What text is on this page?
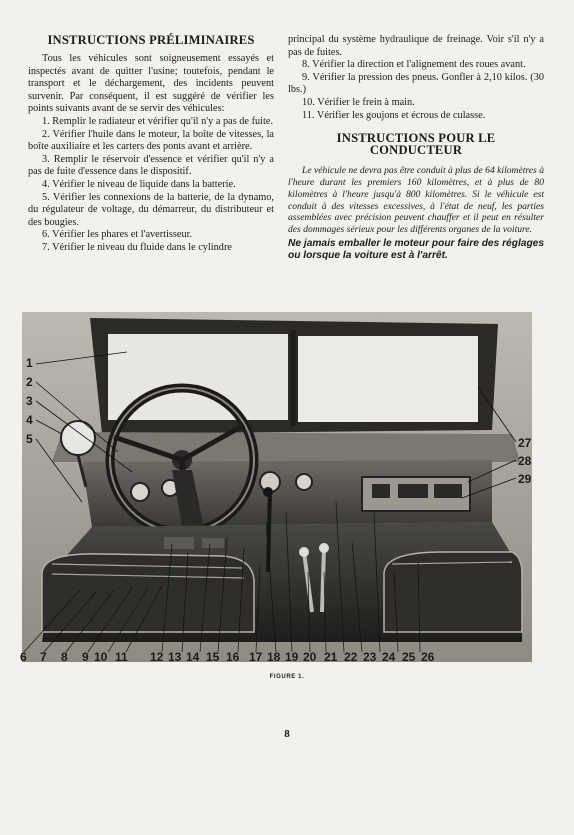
INSTRUCTIONS PRÉLIMINAIRES

Tous les véhicules sont soigneusement essayés et inspectés avant de quitter l'usine; toutefois, pendant le transport et le déchargement, des incidents peuvent survenir. Par conséquent, il est suggéré de vérifier les points suivants avant de se servir des véhicules:

1. Remplir le radiateur et vérifier qu'il n'y a pas de fuite.

2. Vérifier l'huile dans le moteur, la boîte de vitesses, la boîte auxiliaire et les carters des ponts avant et arrière.

3. Remplir le réservoir d'essence et vérifier qu'il n'y a pas de fuite d'essence dans le dispositif.

4. Vérifier le niveau de liquide dans la batterie.

5. Vérifier les connexions de la batterie, de la dynamo, du régulateur de voltage, du démarreur, du distributeur et des bougies.

6. Vérifier les phares et l'avertisseur.

7. Vérifier le niveau du fluide dans le cylindre

principal du système hydraulique de freinage. Voir s'il n'y a pas de fuites.

8. Vérifier la direction et l'alignement des roues avant.

9. Vérifier la pression des pneus. Gonfler à 2,10 kilos. (30 lbs.)

10. Vérifier le frein à main.

11. Vérifier les goujons et écrous de culasse.

INSTRUCTIONS POUR LE
CONDUCTEUR

Le véhicule ne devra pas être conduit à plus de 64 kilomètres à l'heure durant les premiers 160 kilomètres, et à plus de 80 kilomètres à l'heure jusqu'à 800 kilomètres. Si le véhicule est conduit à des vitesses excessives, à l'état de neuf, les parties assemblées avec précision peuvent chauffer et il peut en résulter des dommages sérieux pour les différents organes de la voiture.

Ne jamais emballer le moteur pour faire des réglages ou lorsque la voiture est à l'arrêt.

1
2
3
4
5	27
28
29
6 7 8 9 10 11 12 13 14 15 16 17 18 19 20 21 22 23 24 25 26
FIGURE 1.
8
